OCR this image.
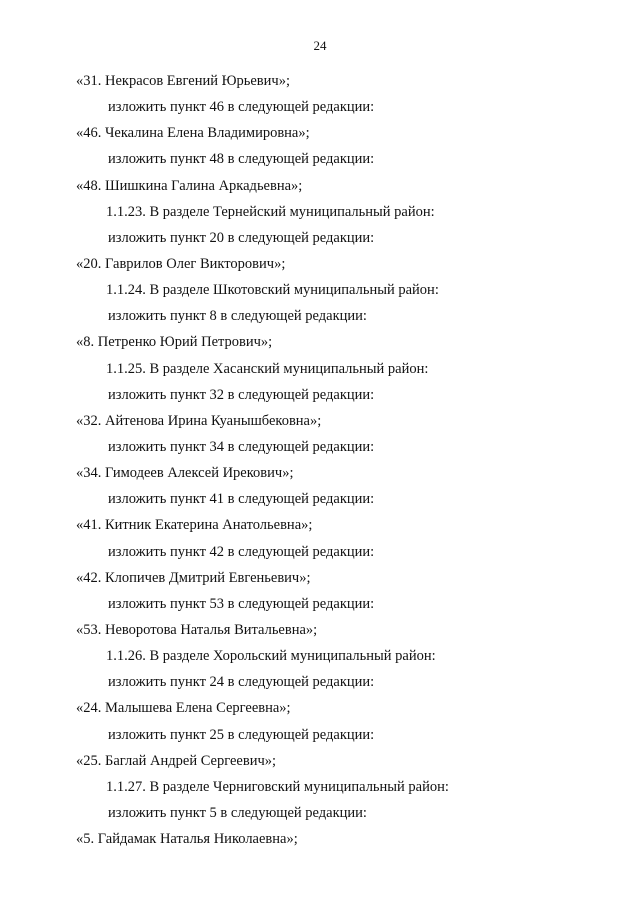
24
«31. Некрасов Евгений Юрьевич»;
изложить пункт 46 в следующей редакции:
«46. Чекалина Елена Владимировна»;
изложить пункт 48 в следующей редакции:
«48. Шишкина Галина Аркадьевна»;
1.1.23. В разделе Тернейский муниципальный район:
изложить пункт 20 в следующей редакции:
«20. Гаврилов Олег Викторович»;
1.1.24. В разделе Шкотовский муниципальный район:
изложить пункт 8 в следующей редакции:
«8. Петренко Юрий Петрович»;
1.1.25. В разделе Хасанский муниципальный район:
изложить пункт 32 в следующей редакции:
«32. Айтенова Ирина Куанышбековна»;
изложить пункт 34 в следующей редакции:
«34. Гимодеев Алексей Ирекович»;
изложить пункт 41 в следующей редакции:
«41. Китник Екатерина Анатольевна»;
изложить пункт 42 в следующей редакции:
«42. Клопичев Дмитрий Евгеньевич»;
изложить пункт 53 в следующей редакции:
«53. Неворотова Наталья Витальевна»;
1.1.26. В разделе Хорольский муниципальный район:
изложить пункт 24 в следующей редакции:
«24. Малышева Елена Сергеевна»;
изложить пункт 25 в следующей редакции:
«25. Баглай Андрей Сергеевич»;
1.1.27. В разделе Черниговский муниципальный район:
изложить пункт 5 в следующей редакции:
«5. Гайдамак Наталья Николаевна»;
